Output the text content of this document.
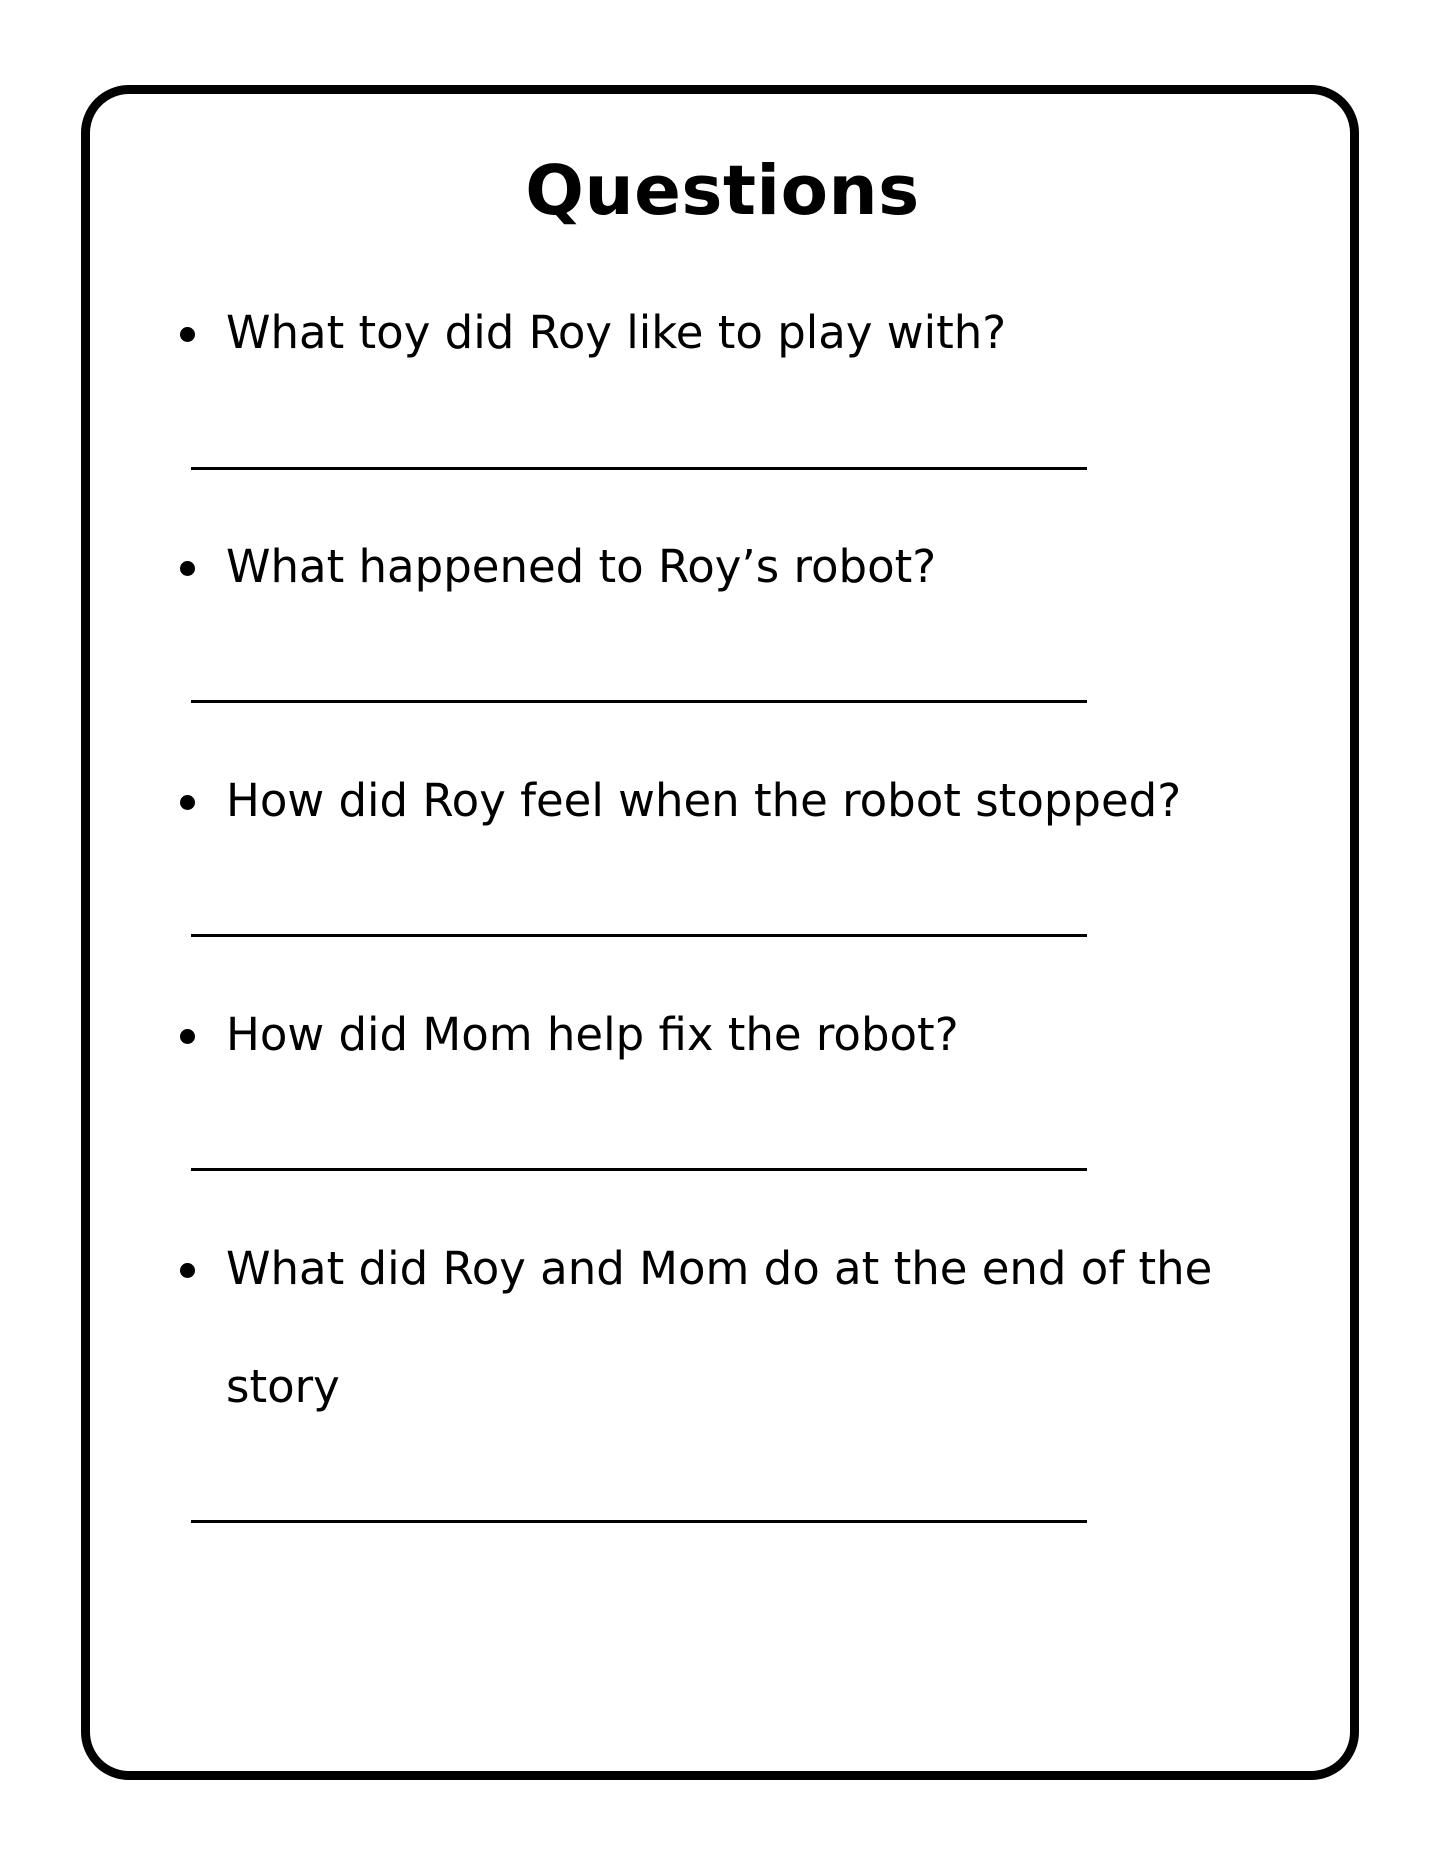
Questions
What toy did Roy like to play with?
What happened to Roy’s robot?
How did Roy feel when the robot stopped?
How did Mom help fix the robot?
What did Roy and Mom do at the end of the story
